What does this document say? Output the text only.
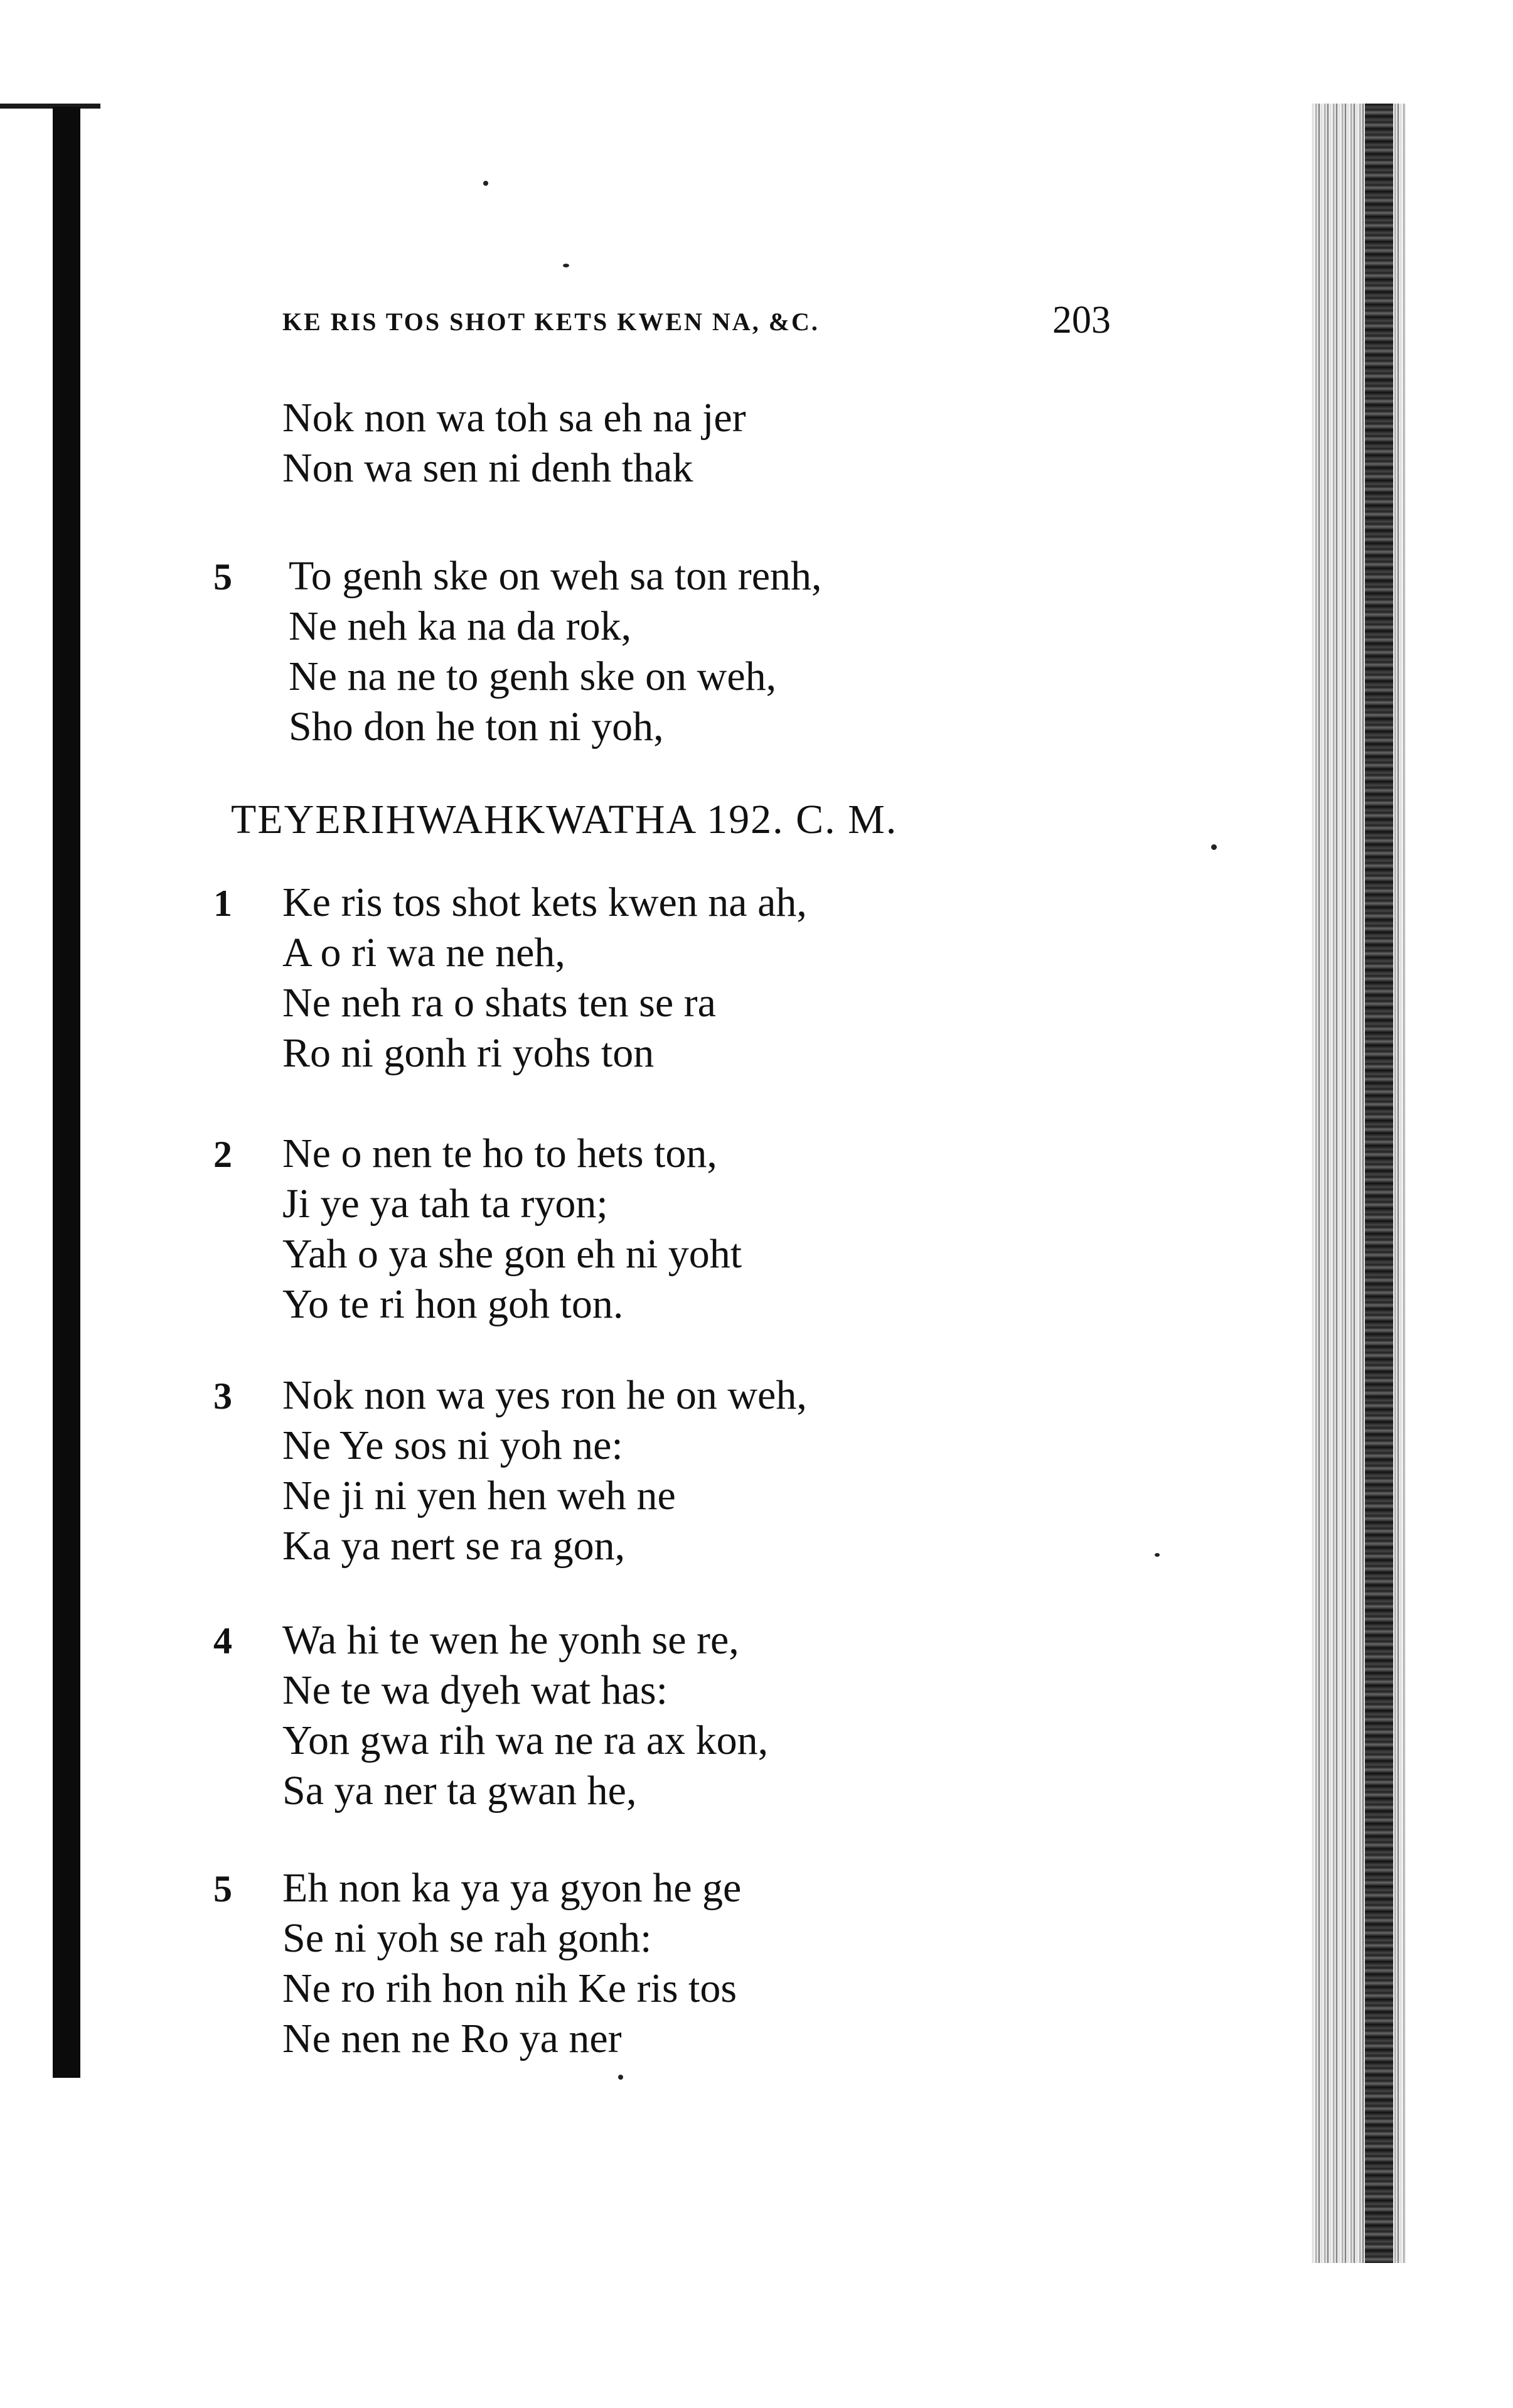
KE RIS TOS SHOT KETS KWEN NA, &C.	203
Nok non wa toh sa eh na jer
Non wa sen ni denh thak
5 To genh ske on weh sa ton renh,
Ne neh ka na da rok,
Ne na ne to genh ske on weh,
Sho don he ton ni yoh,
TEYERIHWAHKWATHA 192. C. M.
1 Ke ris tos shot kets kwen na ah,
A o ri wa ne neh,
Ne neh ra o shats ten se ra
Ro ni gonh ri yohs ton
2 Ne o nen te ho to hets ton,
Ji ye ya tah ta ryon;
Yah o ya she gon eh ni yoht
Yo te ri hon goh ton.
3 Nok non wa yes ron he on weh,
Ne Ye sos ni yoh ne:
Ne ji ni yen hen weh ne
Ka ya nert se ra gon,
4 Wa hi te wen he yonh se re,
Ne te wa dyeh wat has:
Yon gwa rih wa ne ra ax kon,
Sa ya ner ta gwan he,
5 Eh non ka ya ya gyon he ge
Se ni yoh se rah gonh:
Ne ro rih hon nih Ke ris tos
Ne nen ne Ro ya ner
